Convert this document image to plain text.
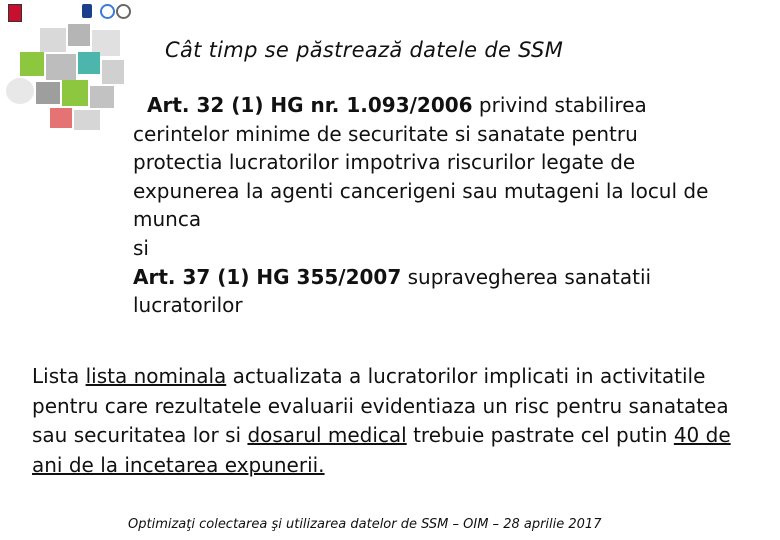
Cât timp se păstrează datele de SSM
Art. 32 (1) HG nr. 1.093/2006 privind stabilirea
cerintelor minime de securitate si sanatate pentru
protectia lucratorilor impotriva riscurilor legate de
expunerea la agenti cancerigeni sau mutageni la locul de
munca
si
Art. 37 (1) HG 355/2007 supravegherea sanatatii
lucratorilor
Lista lista nominala actualizata a lucratorilor implicati in activitatile pentru care rezultatele evaluarii evidentiaza un risc pentru sanatatea sau securitatea lor si dosarul medical trebuie pastrate cel putin 40 de ani de la incetarea expunerii.
Optimizaţi colectarea şi utilizarea datelor de SSM – OIM – 28 aprilie 2017
